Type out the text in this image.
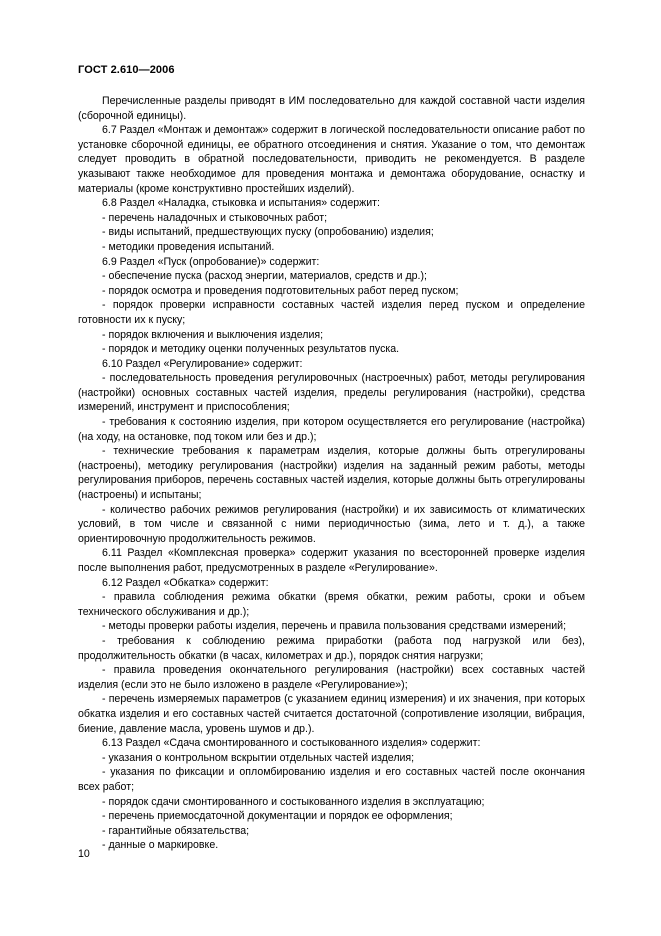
ГОСТ 2.610—2006

Перечисленные разделы приводят в ИМ последовательно для каждой составной части изделия (сборочной единицы).

6.7 Раздел «Монтаж и демонтаж» содержит в логической последовательности описание работ по установке сборочной единицы, ее обратного отсоединения и снятия. Указание о том, что демонтаж следует проводить в обратной последовательности, приводить не рекомендуется. В разделе указывают также необходимое для проведения монтажа и демонтажа оборудование, оснастку и материалы (кроме конструктивно простейших изделий).

6.8 Раздел «Наладка, стыковка и испытания» содержит:

- перечень наладочных и стыковочных работ;

- виды испытаний, предшествующих пуску (опробованию) изделия;

- методики проведения испытаний.

6.9 Раздел «Пуск (опробование)» содержит:

- обеспечение пуска (расход энергии, материалов, средств и др.);

- порядок осмотра и проведения подготовительных работ перед пуском;

- порядок проверки исправности составных частей изделия перед пуском и определение готовности их к пуску;

- порядок включения и выключения изделия;

- порядок и методику оценки полученных результатов пуска.

6.10 Раздел «Регулирование» содержит:

- последовательность проведения регулировочных (настроечных) работ, методы регулирования (настройки) основных составных частей изделия, пределы регулирования (настройки), средства измерений, инструмент и приспособления;

- требования к состоянию изделия, при котором осуществляется его регулирование (настройка) (на ходу, на остановке, под током или без и др.);

- технические требования к параметрам изделия, которые должны быть отрегулированы (настроены), методику регулирования (настройки) изделия на заданный режим работы, методы регулирования приборов, перечень составных частей изделия, которые должны быть отрегулированы (настроены) и испытаны;

- количество рабочих режимов регулирования (настройки) и их зависимость от климатических условий, в том числе и связанной с ними периодичностью (зима, лето и т. д.), а также ориентировочную продолжительность режимов.

6.11 Раздел «Комплексная проверка» содержит указания по всесторонней проверке изделия после выполнения работ, предусмотренных в разделе «Регулирование».

6.12 Раздел «Обкатка» содержит:

- правила соблюдения режима обкатки (время обкатки, режим работы, сроки и объем технического обслуживания и др.);

- методы проверки работы изделия, перечень и правила пользования средствами измерений;

- требования к соблюдению режима приработки (работа под нагрузкой или без), продолжительность обкатки (в часах, километрах и др.), порядок снятия нагрузки;

- правила проведения окончательного регулирования (настройки) всех составных частей изделия (если это не было изложено в разделе «Регулирование»);

- перечень измеряемых параметров (с указанием единиц измерения) и их значения, при которых обкатка изделия и его составных частей считается достаточной (сопротивление изоляции, вибрация, биение, давление масла, уровень шумов и др.).

6.13 Раздел «Сдача смонтированного и состыкованного изделия» содержит:

- указания о контрольном вскрытии отдельных частей изделия;

- указания по фиксации и опломбированию изделия и его составных частей после окончания всех работ;

- порядок сдачи смонтированного и состыкованного изделия в эксплуатацию;

- перечень приемосдаточной документации и порядок ее оформления;

- гарантийные обязательства;

- данные о маркировке.

10
